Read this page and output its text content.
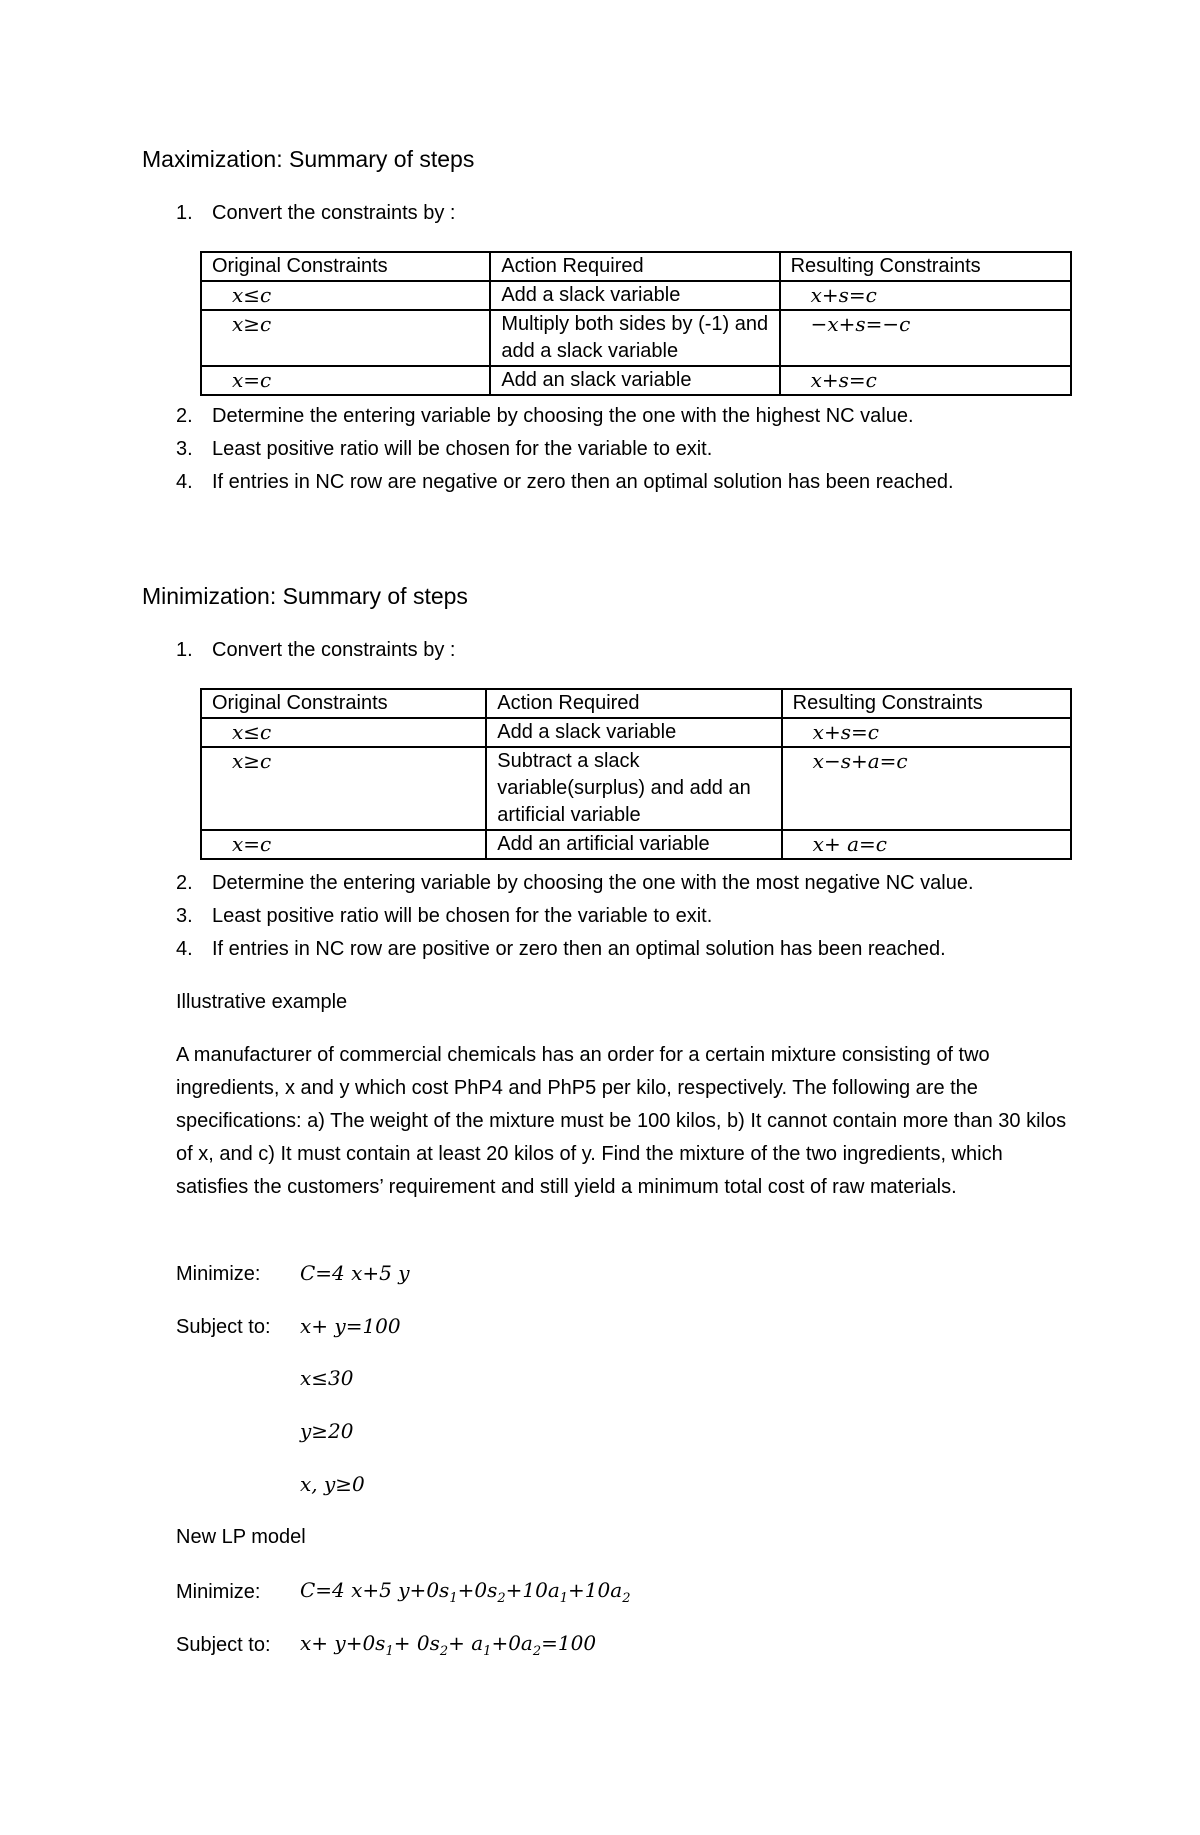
Maximization: Summary of steps
1. Convert the constraints by :
Original Constraints	Action Required	Resulting Constraints
x≤c	Add a slack variable	x+s=c
x≥c	Multiply both sides by (-1) and add a slack variable	−x+s=−c
x=c	Add an slack variable	x+s=c
2. Determine the entering variable by choosing the one with the highest NC value.
3. Least positive ratio will be chosen for the variable to exit.
4. If entries in NC row are negative or zero then an optimal solution has been reached.
Minimization: Summary of steps
1. Convert the constraints by :
Original Constraints	Action Required	Resulting Constraints
x≤c	Add a slack variable	x+s=c
x≥c	Subtract a slack variable(surplus) and add an artificial variable	x−s+a=c
x=c	Add an artificial variable	x+ a=c
2. Determine the entering variable by choosing the one with the most negative NC value.
3. Least positive ratio will be chosen for the variable to exit.
4. If entries in NC row are positive or zero then an optimal solution has been reached.
Illustrative example
A manufacturer of commercial chemicals has an order for a certain mixture consisting of two ingredients, x and y which cost PhP4 and PhP5 per kilo, respectively. The following are the specifications: a) The weight of the mixture must be 100 kilos, b) It cannot contain more than 30 kilos of x, and c) It must contain at least 20 kilos of y. Find the mixture of the two ingredients, which satisfies the customers’ requirement and still yield a minimum total cost of raw materials.
Minimize: C=4 x+5 y
Subject to: x+ y=100
x≤30
y≥20
x, y≥0
New LP model
Minimize: C=4 x+5 $y+0s_1+0s_2+10a_1+10a_2$
Subject to: $x+ y+0s_1+ 0s_2+ a_1+0a_2=100$
